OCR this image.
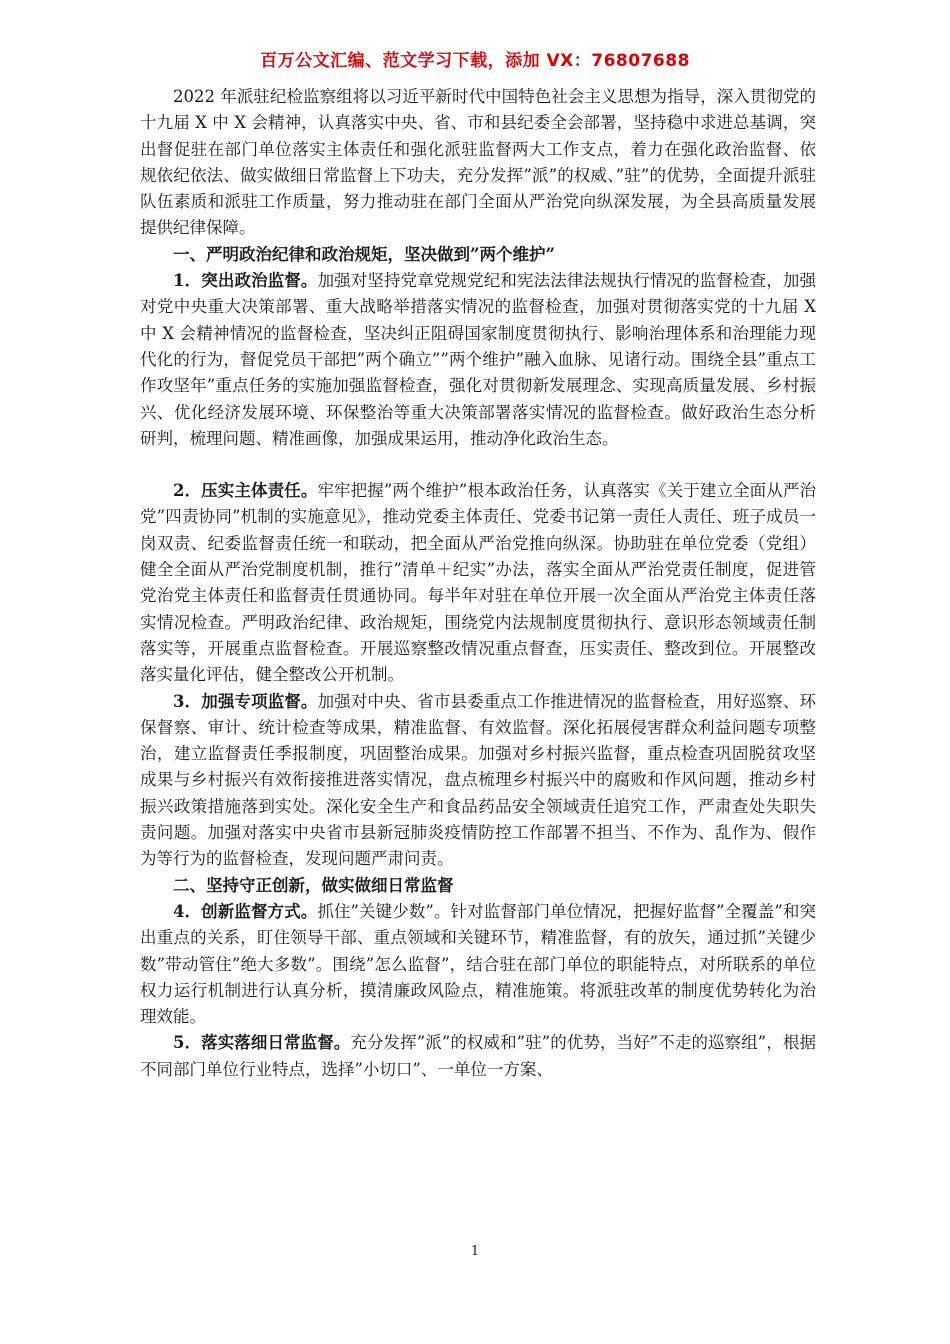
百万公文汇编、范文学习下载，添加 VX：76807688

2022 年派驻纪检监察组将以习近平新时代中国特色社会主义思想为指导，深入贯彻党的十九届 X 中 X 会精神，认真落实中央、省、市和县纪委全会部署，坚持稳中求进总基调，突出督促驻在部门单位落实主体责任和强化派驻监督两大工作支点，着力在强化政治监督、依规依纪依法、做实做细日常监督上下功夫，充分发挥”派”的权威、”驻”的优势，全面提升派驻队伍素质和派驻工作质量，努力推动驻在部门全面从严治党向纵深发展，为全县高质量发展提供纪律保障。

一、严明政治纪律和政治规矩，坚决做到”两个维护”

1．突出政治监督。加强对坚持党章党规党纪和宪法法律法规执行情况的监督检查，加强对党中央重大决策部署、重大战略举措落实情况的监督检查，加强对贯彻落实党的十九届 X 中 X 会精神情况的监督检查，坚决纠正阻碍国家制度贯彻执行、影响治理体系和治理能力现代化的行为，督促党员干部把”两个确立””两个维护”融入血脉、见诸行动。围绕全县”重点工作攻坚年”重点任务的实施加强监督检查，强化对贯彻新发展理念、实现高质量发展、乡村振兴、优化经济发展环境、环保整治等重大决策部署落实情况的监督检查。做好政治生态分析研判，梳理问题、精准画像，加强成果运用，推动净化政治生态。

2．压实主体责任。牢牢把握”两个维护”根本政治任务，认真落实《关于建立全面从严治党”四责协同”机制的实施意见》，推动党委主体责任、党委书记第一责任人责任、班子成员一岗双责、纪委监督责任统一和联动，把全面从严治党推向纵深。协助驻在单位党委（党组）健全全面从严治党制度机制，推行”清单＋纪实”办法，落实全面从严治党责任制度，促进管党治党主体责任和监督责任贯通协同。每半年对驻在单位开展一次全面从严治党主体责任落实情况检查。严明政治纪律、政治规矩，围绕党内法规制度贯彻执行、意识形态领域责任制落实等，开展重点监督检查。开展巡察整改情况重点督查，压实责任、整改到位。开展整改落实量化评估，健全整改公开机制。

3．加强专项监督。加强对中央、省市县委重点工作推进情况的监督检查，用好巡察、环保督察、审计、统计检查等成果，精准监督、有效监督。深化拓展侵害群众利益问题专项整治，建立监督责任季报制度，巩固整治成果。加强对乡村振兴监督，重点检查巩固脱贫攻坚成果与乡村振兴有效衔接推进落实情况，盘点梳理乡村振兴中的腐败和作风问题，推动乡村振兴政策措施落到实处。深化安全生产和食品药品安全领域责任追究工作，严肃查处失职失责问题。加强对落实中央省市县新冠肺炎疫情防控工作部署不担当、不作为、乱作为、假作为等行为的监督检查，发现问题严肃问责。

二、坚持守正创新，做实做细日常监督

4．创新监督方式。抓住”关键少数”。针对监督部门单位情况，把握好监督”全覆盖”和突出重点的关系，盯住领导干部、重点领域和关键环节，精准监督，有的放矢，通过抓”关键少数”带动管住”绝大多数”。围绕”怎么监督”，结合驻在部门单位的职能特点，对所联系的单位权力运行机制进行认真分析，摸清廉政风险点，精准施策。将派驻改革的制度优势转化为治理效能。

5．落实落细日常监督。充分发挥”派”的权威和”驻”的优势，当好”不走的巡察组”，根据不同部门单位行业特点，选择”小切口”、一单位一方案、

1
